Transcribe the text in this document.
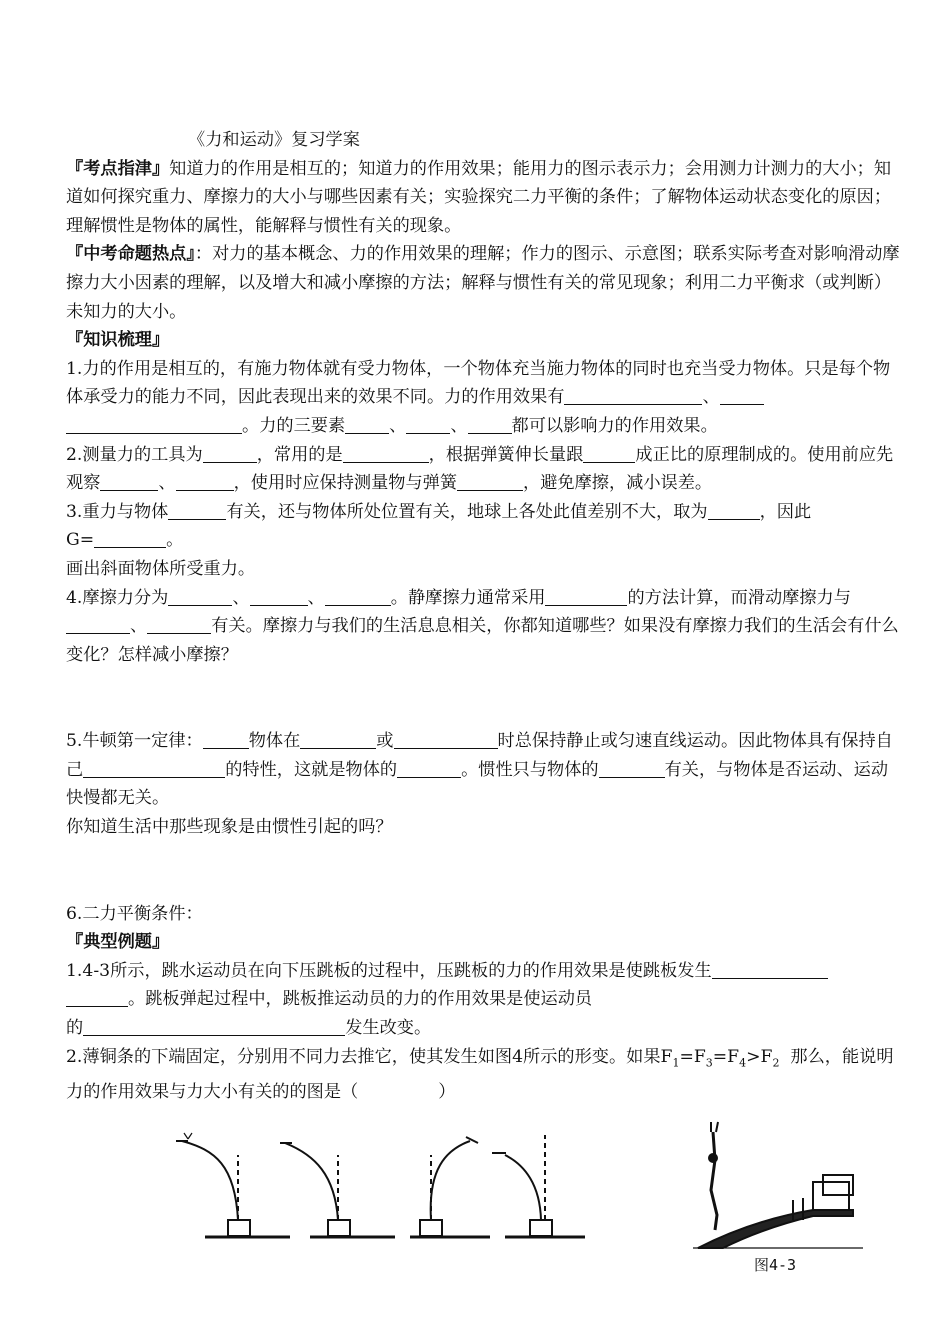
《力和运动》复习学案

『考点指津』知道力的作用是相互的；知道力的作用效果；能用力的图示表示力；会用测力计测力的大小；知道如何探究重力、摩擦力的大小与哪些因素有关；实验探究二力平衡的条件；了解物体运动状态变化的原因；理解惯性是物体的属性，能解释与惯性有关的现象。

『中考命题热点』：对力的基本概念、力的作用效果的理解；作力的图示、示意图；联系实际考查对影响滑动摩擦力大小因素的理解，以及增大和减小摩擦的方法；解释与惯性有关的常见现象；利用二力平衡求（或判断）未知力的大小。

『知识梳理』

1.力的作用是相互的，有施力物体就有受力物体，一个物体充当施力物体的同时也充当受力物体。只是每个物体承受力的能力不同，因此表现出来的效果不同。力的作用效果有	、
。力的三要素	、	、	都可以影响力的作用效果。

2.测量力的工具为	，常用的是	，根据弹簧伸长量跟	成正比的原理制成的。使用前应先观察	、	，使用时应保持测量物与弹簧	，避免摩擦，减小误差。

3.重力与物体	有关，还与物体所处位置有关，地球上各处此值差别不大，取为	，因此
G=	。
画出斜面物体所受重力。

4.摩擦力分为	、	、	。静摩擦力通常采用	的方法计算，而滑动摩擦力与、	有关。摩擦力与我们的生活息息相关，你都知道哪些？如果没有摩擦力我们的生活会有什么变化？怎样减小摩擦？

5.牛顿第一定律：	物体在	或	时总保持静止或匀速直线运动。因此物体具有保持自己	的特性，这就是物体的	。惯性只与物体的	有关，与物体是否运动、运动快慢都无关。
你知道生活中那些现象是由惯性引起的吗？

6.二力平衡条件：

『典型例题』

1.4-3所示，跳水运动员在向下压跳板的过程中，压跳板的力的作用效果是使跳板发生
。跳板弹起过程中，跳板推运动员的力的作用效果是使运动员
的	发生改变。

2.薄铜条的下端固定，分别用不同力去推它，使其发生如图4所示的形变。如果$F_1=F_3=F_4>F_2$ 那么，能说明力的作用效果与力大小有关的的图是（	）

图4-3
